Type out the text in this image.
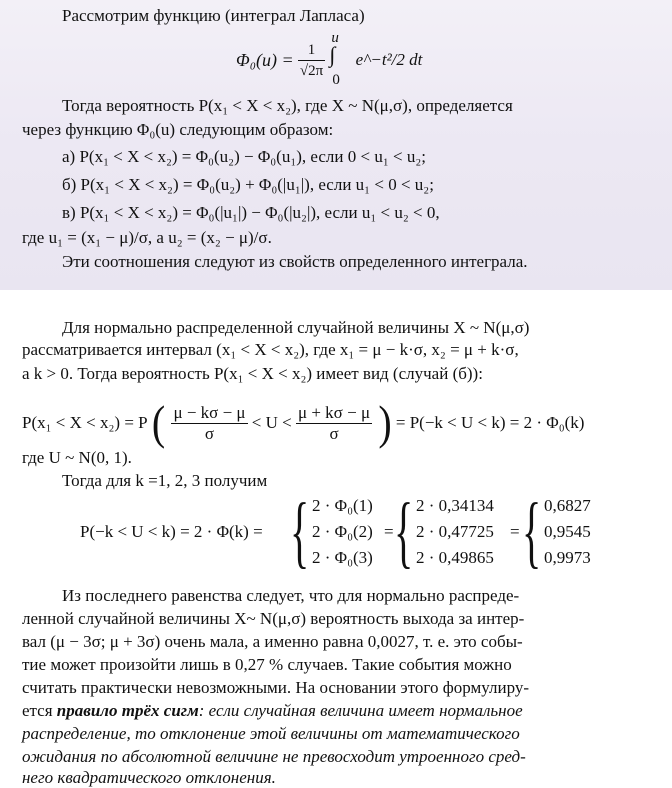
Рассмотрим функцию (интеграл Лапласа)
$\Phi_0(u) = \frac{1}{√2\pi}$

u
∫
0
e^−t²/2 dt
Тогда вероятность P(x₁ < X < x₂), где X ~ N(μ,σ), определяется
через функцию Φ₀(u) следующим образом:
а) P(x₁ < X < x₂) = Φ₀(u₂) − Φ₀(u₁), если 0 < u₁ < u₂;
б) P(x₁ < X < x₂) = Φ₀(u₂) + Φ₀(|u₁|), если u₁ < 0 < u₂;
в) P(x₁ < X < x₂) = Φ₀(|u₁|) − Φ₀(|u₂|), если u₁ < u₂ < 0,
где u₁ = (x₁ − μ)/σ, а u₂ = (x₂ − μ)/σ.
Эти соотношения следуют из свойств определенного интеграла.
Для нормально распределенной случайной величины X ~ N(μ,σ)
рассматривается интервал (x₁ < X < x₂), где x₁ = μ − k·σ, x₂ = μ + k·σ,
а k > 0. Тогда вероятность P(x₁ < X < x₂) имеет вид (случай (б)):
P(x₁ < X < x₂) = P ( $\frac{\mu - k\sigma - \mu}{\sigma} < U < \frac{\mu + k\sigma - \mu}{\sigma}$ ) = P(−k < U < k) = 2 · Φ₀(k)
где U ~ N(0, 1).
Тогда для k =1, 2, 3 получим
P(−k < U < k) = 2 · Φ(k) = { 2 · Φ₀(1)
2 · Φ₀(2)
2 · Φ₀(3)
= { 2 · 0,34134
2 · 0,47725
2 · 0,49865
= { 0,6827
0,9545
0,9973
Из последнего равенства следует, что для нормально распреде-
ленной случайной величины X~ N(μ,σ) вероятность выхода за интер-
вал (μ − 3σ; μ + 3σ) очень мала, а именно равна 0,0027, т. е. это собы-
тие может произойти лишь в 0,27 % случаев. Такие события можно
считать практически невозможными. На основании этого формулиру-
ется правило трёх сигм: если случайная величина имеет нормальное
распределение, то отклонение этой величины от математического
ожидания по абсолютной величине не превосходит утроенного сред-
него квадратического отклонения.
